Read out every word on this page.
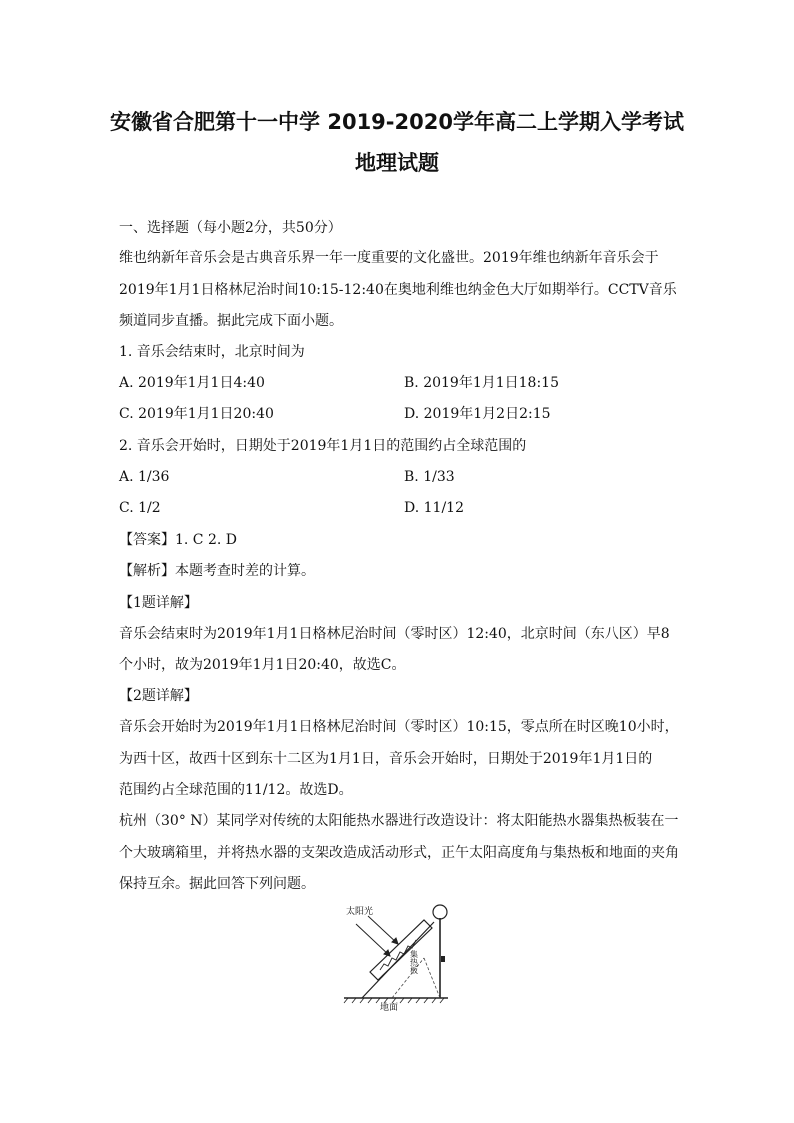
安徽省合肥第十一中学 2019-2020学年高二上学期入学考试
地理试题
一、选择题（每小题2分，共50分）
维也纳新年音乐会是古典音乐界一年一度重要的文化盛世。2019年维也纳新年音乐会于
2019年1月1日格林尼治时间10:15-12:40在奥地利维也纳金色大厅如期举行。CCTV音乐
频道同步直播。据此完成下面小题。
1. 音乐会结束时，北京时间为
A. 2019年1月1日4:40	B. 2019年1月1日18:15
C. 2019年1月1日20:40	D. 2019年1月2日2:15
2. 音乐会开始时，日期处于2019年1月1日的范围约占全球范围的
A. 1/36	B. 1/33
C. 1/2	D. 11/12
【答案】1. C 2. D
【解析】本题考查时差的计算。
【1题详解】
音乐会结束时为2019年1月1日格林尼治时间（零时区）12:40，北京时间（东八区）早8
个小时，故为2019年1月1日20:40，故选C。
【2题详解】
音乐会开始时为2019年1月1日格林尼治时间（零时区）10:15，零点所在时区晚10小时，
为西十区，故西十区到东十二区为1月1日，音乐会开始时，日期处于2019年1月1日的
范围约占全球范围的11/12。故选D。
杭州（30° N）某同学对传统的太阳能热水器进行改造设计：将太阳能热水器集热板装在一
个大玻璃箱里，并将热水器的支架改造成活动形式，正午太阳高度角与集热板和地面的夹角
保持互余。据此回答下列问题。
太阳光
集热板
地面
